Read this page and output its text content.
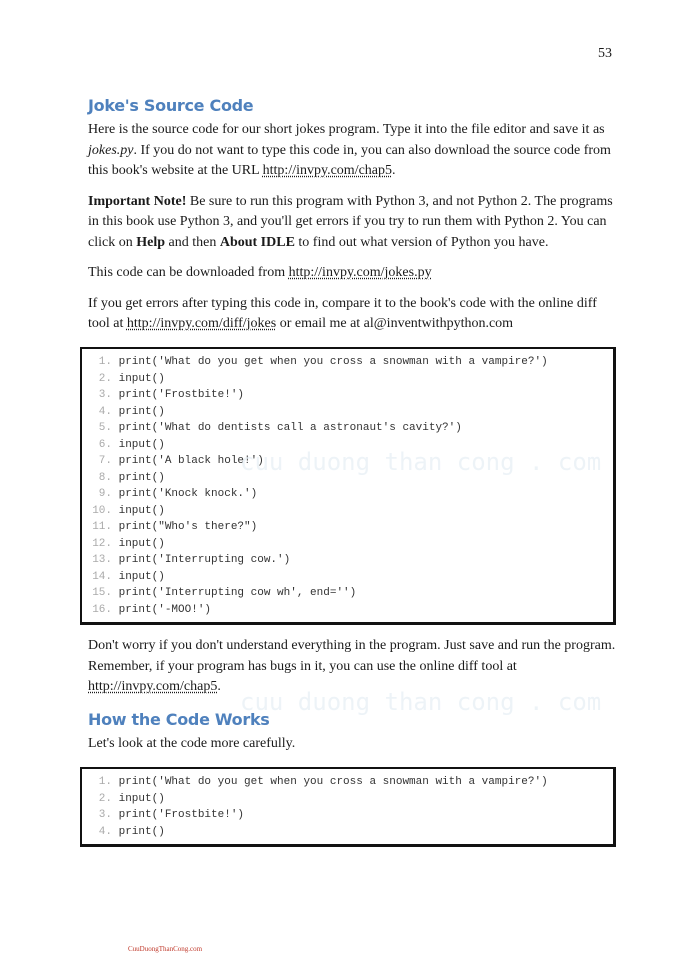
53
Joke's Source Code

Here is the source code for our short jokes program. Type it into the file editor and save it as jokes.py. If you do not want to type this code in, you can also download the source code from this book's website at the URL http://invpy.com/chap5.

Important Note! Be sure to run this program with Python 3, and not Python 2. The programs in this book use Python 3, and you'll get errors if you try to run them with Python 2. You can click on Help and then About IDLE to find out what version of Python you have.

This code can be downloaded from http://invpy.com/jokes.py

If you get errors after typing this code in, compare it to the book's code with the online diff tool at http://invpy.com/diff/jokes or email me at al@inventwithpython.com

1. print('What do you get when you cross a snowman with a vampire?')
2. input()
3. print('Frostbite!')
4. print()
5. print('What do dentists call a astronaut's cavity?')
6. input()
7. print('A black hole!')
8. print()
9. print('Knock knock.')
10. input()
11. print("Who's there?")
12. input()
13. print('Interrupting cow.')
14. input()
15. print('Interrupting cow wh', end='')
16. print('-MOO!')

Don't worry if you don't understand everything in the program. Just save and run the program. Remember, if your program has bugs in it, you can use the online diff tool at http://invpy.com/chap5.

How the Code Works

Let's look at the code more carefully.

1. print('What do you get when you cross a snowman with a vampire?')
2. input()
3. print('Frostbite!')
4. print()
cuu duong than cong . com
cuu duong than cong . com
CuuDuongThanCong.com
